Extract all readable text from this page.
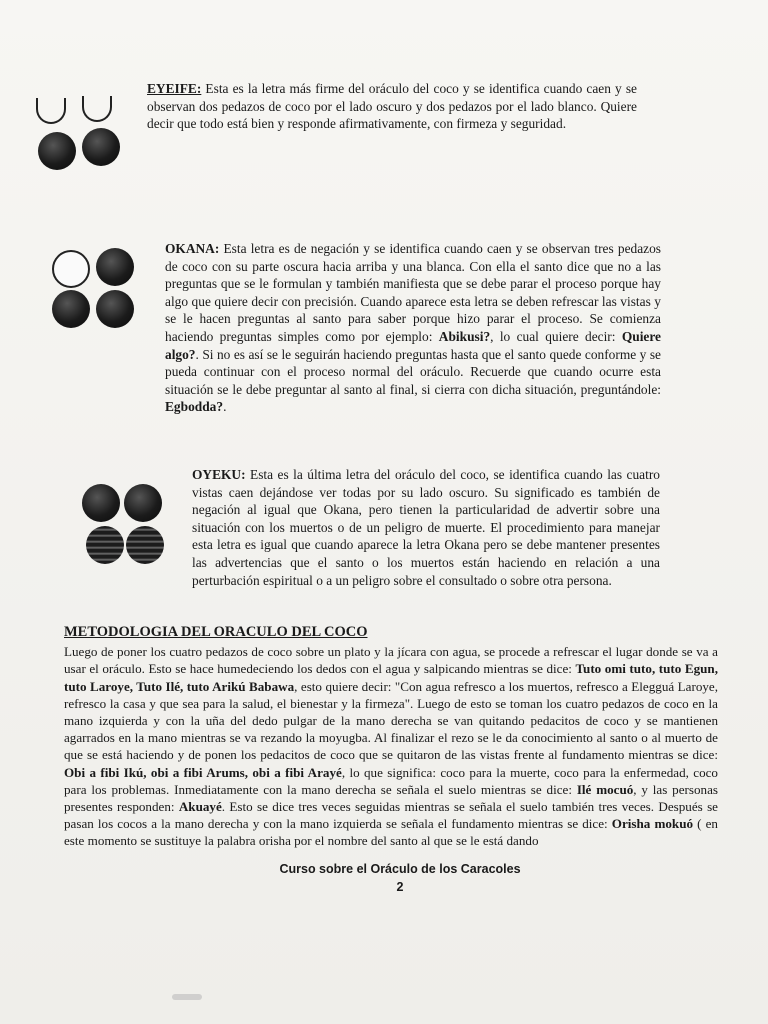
EYEIFE: Esta es la letra más firme del oráculo del coco y se identifica cuando caen y se observan dos pedazos de coco por el lado oscuro y dos pedazos por el lado blanco. Quiere decir que todo está bien y responde afirmativamente, con firmeza y seguridad.

OKANA: Esta letra es de negación y se identifica cuando caen y se observan tres pedazos de coco con su parte oscura hacia arriba y una blanca. Con ella el santo dice que no a las preguntas que se le formulan y también manifiesta que se debe parar el proceso porque hay algo que quiere decir con precisión. Cuando aparece esta letra se deben refrescar las vistas y se le hacen preguntas al santo para saber porque hizo parar el proceso. Se comienza haciendo preguntas simples como por ejemplo: Abikusi?, lo cual quiere decir: Quiere algo?. Si no es así se le seguirán haciendo preguntas hasta que el santo quede conforme y se pueda continuar con el proceso normal del oráculo. Recuerde que cuando ocurre esta situación se le debe preguntar al santo al final, si cierra con dicha situación, preguntándole: Egbodda?.

OYEKU: Esta es la última letra del oráculo del coco, se identifica cuando las cuatro vistas caen dejándose ver todas por su lado oscuro. Su significado es también de negación al igual que Okana, pero tienen la particularidad de advertir sobre una situación con los muertos o de un peligro de muerte. El procedimiento para manejar esta letra es igual que cuando aparece la letra Okana pero se debe mantener presentes las advertencias que el santo o los muertos están haciendo en relación a una perturbación espiritual o a un peligro sobre el consultado o sobre otra persona.

METODOLOGIA DEL ORACULO DEL COCO

Luego de poner los cuatro pedazos de coco sobre un plato y la jícara con agua, se procede a refrescar el lugar donde se va a usar el oráculo. Esto se hace humedeciendo los dedos con el agua y salpicando mientras se dice: Tuto omi tuto, tuto Egun, tuto Laroye, Tuto Ilé, tuto Arikú Babawa, esto quiere decir: "Con agua refresco a los muertos, refresco a Elegguá Laroye, refresco la casa y que sea para la salud, el bienestar y la firmeza". Luego de esto se toman los cuatro pedazos de coco en la mano izquierda y con la uña del dedo pulgar de la mano derecha se van quitando pedacitos de coco y se mantienen agarrados en la mano mientras se va rezando la moyugba. Al finalizar el rezo se le da conocimiento al santo o al muerto de que se está haciendo y de ponen los pedacitos de coco que se quitaron de las vistas frente al fundamento mientras se dice: Obi a fibi Ikú, obi a fibi Arums, obi a fibi Arayé, lo que significa: coco para la muerte, coco para la enfermedad, coco para los problemas. Inmediatamente con la mano derecha se señala el suelo mientras se dice: Ilé mocuó, y las personas presentes responden: Akuayé. Esto se dice tres veces seguidas mientras se señala el suelo también tres veces. Después se pasan los cocos a la mano derecha y con la mano izquierda se señala el fundamento mientras se dice: Orisha mokuó ( en este momento se sustituye la palabra orisha por el nombre del santo al que se le está dando

Curso sobre el Oráculo de los Caracoles
2
